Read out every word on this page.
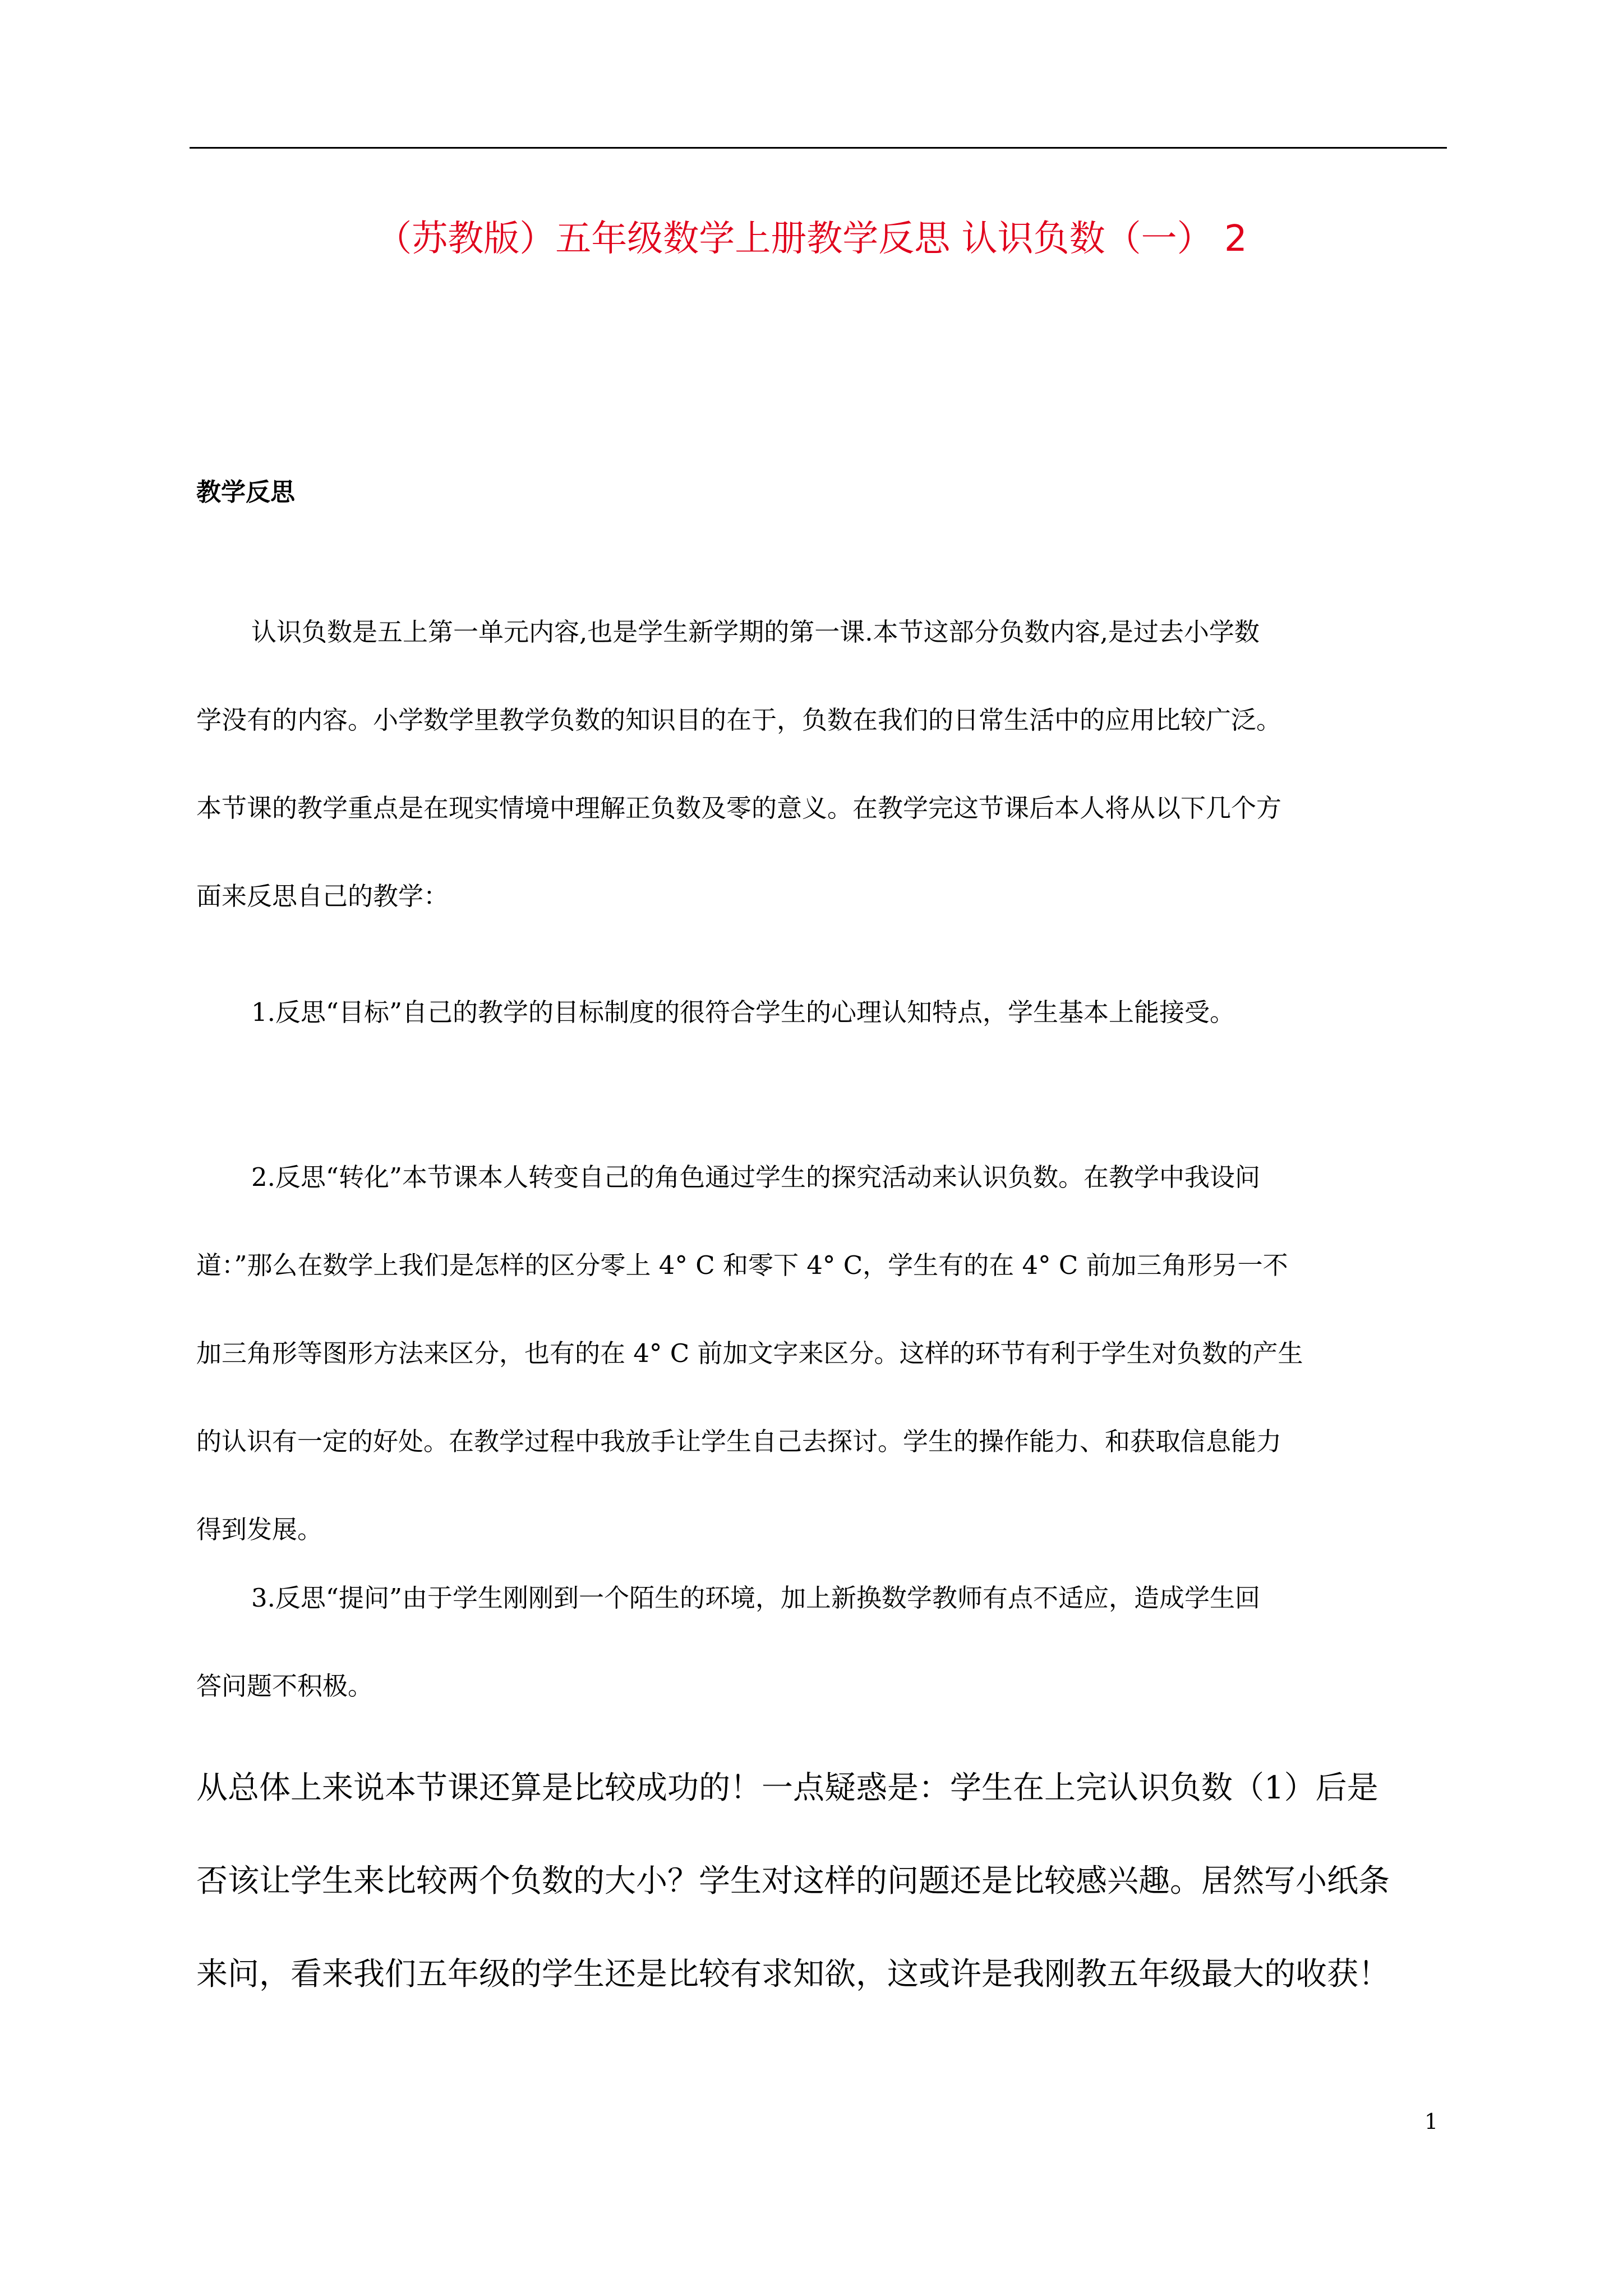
（苏教版）五年级数学上册教学反思 认识负数（一） 2
教学反思
认识负数是五上第一单元内容,也是学生新学期的第一课.本节这部分负数内容,是过去小学数
学没有的内容。小学数学里教学负数的知识目的在于，负数在我们的日常生活中的应用比较广泛。
本节课的教学重点是在现实情境中理解正负数及零的意义。在教学完这节课后本人将从以下几个方
面来反思自己的教学：
1.反思“目标”自己的教学的目标制度的很符合学生的心理认知特点，学生基本上能接受。
2.反思“转化”本节课本人转变自己的角色通过学生的探究活动来认识负数。在教学中我设问
道：”那么在数学上我们是怎样的区分零上 4° C 和零下 4° C，学生有的在 4° C 前加三角形另一不
加三角形等图形方法来区分，也有的在 4° C 前加文字来区分。这样的环节有利于学生对负数的产生
的认识有一定的好处。在教学过程中我放手让学生自己去探讨。学生的操作能力、和获取信息能力
得到发展。
3.反思“提问”由于学生刚刚到一个陌生的环境，加上新换数学教师有点不适应，造成学生回
答问题不积极。
从总体上来说本节课还算是比较成功的！一点疑惑是：学生在上完认识负数（1）后是
否该让学生来比较两个负数的大小？学生对这样的问题还是比较感兴趣。居然写小纸条
来问，看来我们五年级的学生还是比较有求知欲，这或许是我刚教五年级最大的收获！
1
